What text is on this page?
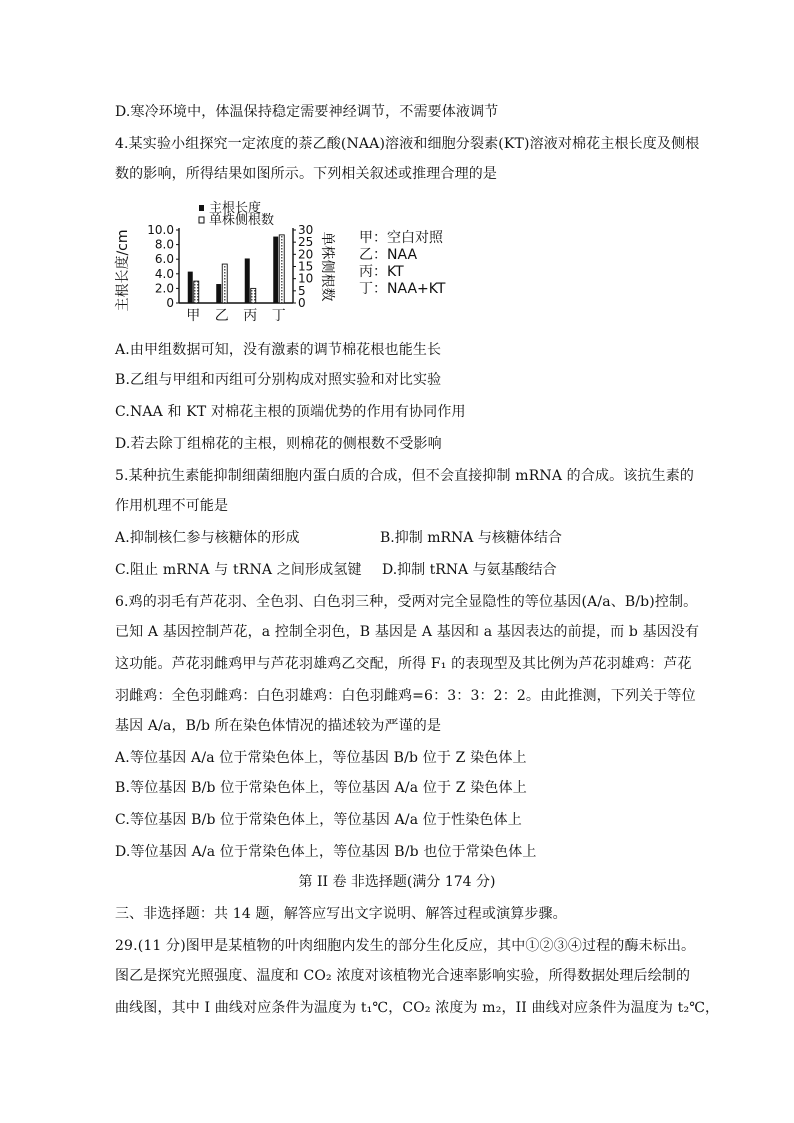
D.寒冷环境中，体温保持稳定需要神经调节，不需要体液调节
4.某实验小组探究一定浓度的萘乙酸(NAA)溶液和细胞分裂素(KT)溶液对棉花主根长度及侧根
数的影响，所得结果如图所示。下列相关叙述或推理合理的是
主根长度
单株侧根数
0
2.0
4.0
6.0
8.0
10.0
主根长度/cm	0
5
10
15
20
25
30
单株侧根数
甲 乙 丙 丁
甲：空白对照
乙：NAA
丙：KT
丁：NAA+KT
A.由甲组数据可知，没有激素的调节棉花根也能生长
B.乙组与甲组和丙组可分别构成对照实验和对比实验
C.NAA 和 KT 对棉花主根的顶端优势的作用有协同作用
D.若去除丁组棉花的主根，则棉花的侧根数不受影响
5.某种抗生素能抑制细菌细胞内蛋白质的合成，但不会直接抑制 mRNA 的合成。该抗生素的
作用机理不可能是
A.抑制核仁参与核糖体的形成	B.抑制 mRNA 与核糖体结合
C.阻止 mRNA 与 tRNA 之间形成氢键 D.抑制 tRNA 与氨基酸结合
6.鸡的羽毛有芦花羽、全色羽、白色羽三种，受两对完全显隐性的等位基因(A/a、B/b)控制。
已知 A 基因控制芦花，a 控制全羽色，B 基因是 A 基因和 a 基因表达的前提，而 b 基因没有
这功能。芦花羽雌鸡甲与芦花羽雄鸡乙交配，所得 F₁ 的表现型及其比例为芦花羽雄鸡：芦花
羽雌鸡：全色羽雌鸡：白色羽雄鸡：白色羽雌鸡=6：3：3：2：2。由此推测，下列关于等位
基因 A/a，B/b 所在染色体情况的描述较为严谨的是
A.等位基因 A/a 位于常染色体上，等位基因 B/b 位于 Z 染色体上
B.等位基因 B/b 位于常染色体上，等位基因 A/a 位于 Z 染色体上
C.等位基因 B/b 位于常染色体上，等位基因 A/a 位于性染色体上
D.等位基因 A/a 位于常染色体上，等位基因 B/b 也位于常染色体上
第 II 卷 非选择题(满分 174 分)
三、非选择题：共 14 题，解答应写出文字说明、解答过程或演算步骤。
29.(11 分)图甲是某植物的叶肉细胞内发生的部分生化反应，其中①②③④过程的酶未标出。
图乙是探究光照强度、温度和 CO₂ 浓度对该植物光合速率影响实验，所得数据处理后绘制的
曲线图，其中 I 曲线对应条件为温度为 t₁℃，CO₂ 浓度为 m₂，II 曲线对应条件为温度为 t₂℃，
